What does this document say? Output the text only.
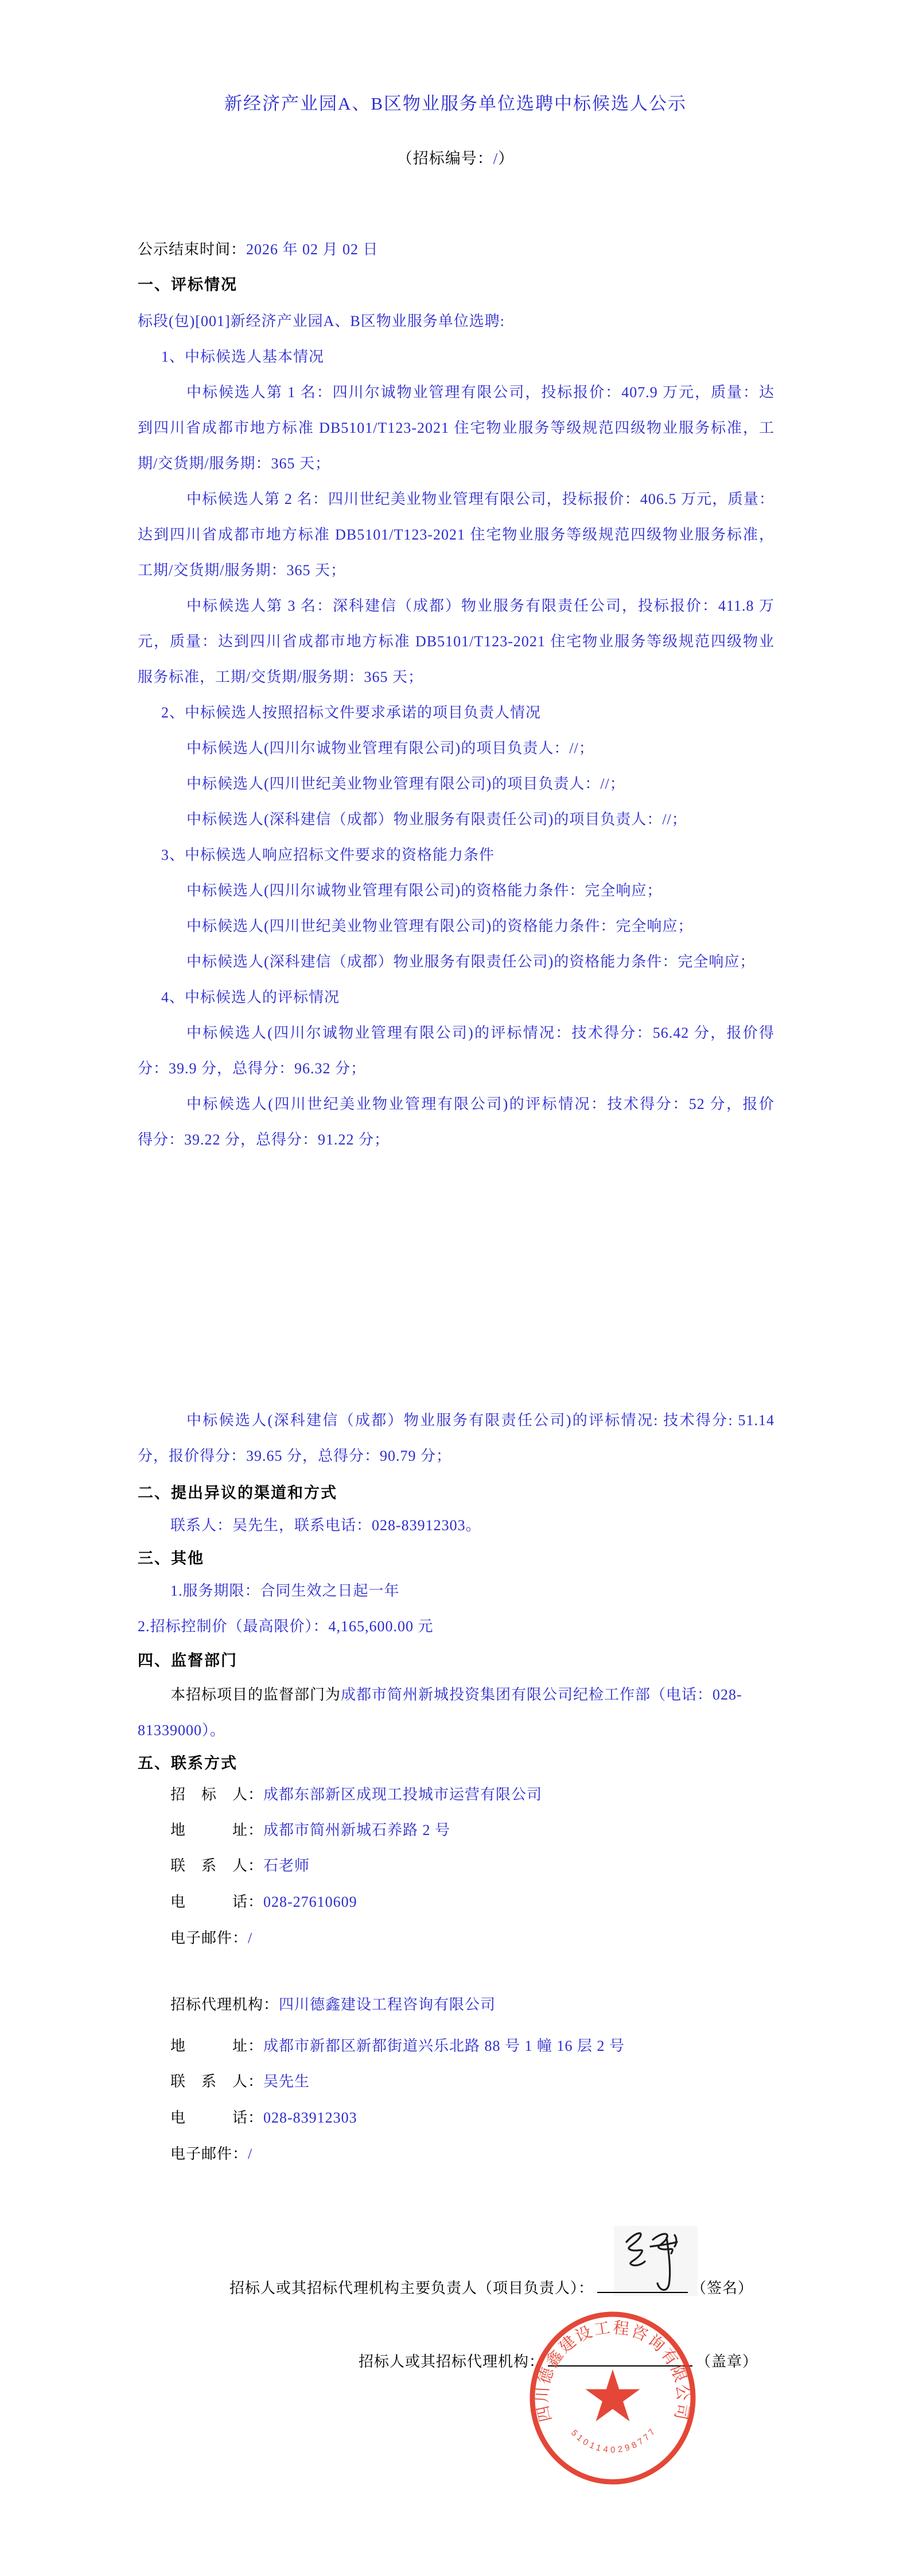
新经济产业园A、B区物业服务单位选聘中标候选人公示
（招标编号：/）
公示结束时间：2026 年 02 月 02 日
一、评标情况
标段(包)[001]新经济产业园A、B区物业服务单位选聘:
1、中标候选人基本情况
中标候选人第 1 名：四川尔诚物业管理有限公司，投标报价：407.9 万元，质量：达
到四川省成都市地方标准 DB5101/T123-2021 住宅物业服务等级规范四级物业服务标准，工
期/交货期/服务期：365 天；
中标候选人第 2 名：四川世纪美业物业管理有限公司，投标报价：406.5 万元，质量：
达到四川省成都市地方标准 DB5101/T123-2021 住宅物业服务等级规范四级物业服务标准，
工期/交货期/服务期：365 天；
中标候选人第 3 名：深科建信（成都）物业服务有限责任公司，投标报价：411.8 万
元，质量：达到四川省成都市地方标准 DB5101/T123-2021 住宅物业服务等级规范四级物业
服务标准，工期/交货期/服务期：365 天；
2、中标候选人按照招标文件要求承诺的项目负责人情况
中标候选人(四川尔诚物业管理有限公司)的项目负责人：//；
中标候选人(四川世纪美业物业管理有限公司)的项目负责人：//；
中标候选人(深科建信（成都）物业服务有限责任公司)的项目负责人：//；
3、中标候选人响应招标文件要求的资格能力条件
中标候选人(四川尔诚物业管理有限公司)的资格能力条件：完全响应；
中标候选人(四川世纪美业物业管理有限公司)的资格能力条件：完全响应；
中标候选人(深科建信（成都）物业服务有限责任公司)的资格能力条件：完全响应；
4、中标候选人的评标情况
中标候选人(四川尔诚物业管理有限公司)的评标情况：技术得分：56.42 分，报价得
分：39.9 分，总得分：96.32 分；
中标候选人(四川世纪美业物业管理有限公司)的评标情况：技术得分：52 分，报价
得分：39.22 分，总得分：91.22 分；
中标候选人(深科建信（成都）物业服务有限责任公司)的评标情况: 技术得分: 51.14
分，报价得分：39.65 分，总得分：90.79 分；
二、提出异议的渠道和方式
联系人：吴先生，联系电话：028-83912303。
三、其他
1.服务期限：合同生效之日起一年
2.招标控制价（最高限价）：4,165,600.00 元
四、监督部门
本招标项目的监督部门为成都市简州新城投资集团有限公司纪检工作部（电话：028-
81339000）。
五、联系方式
招　标　人：成都东部新区成现工投城市运营有限公司
地　　　址：成都市简州新城石养路 2 号
联　系　人：石老师
电　　　话：028-27610609
电子邮件：/
招标代理机构：四川德鑫建设工程咨询有限公司
地　　　址：成都市新都区新都街道兴乐北路 88 号 1 幢 16 层 2 号
联　系　人：吴先生
电　　　话：028-83912303
电子邮件：/
招标人或其招标代理机构主要负责人（项目负责人）：	（签名）
招标人或其招标代理机构：	（盖章）
四川德鑫建设工程咨询有限公司
5101140298777
